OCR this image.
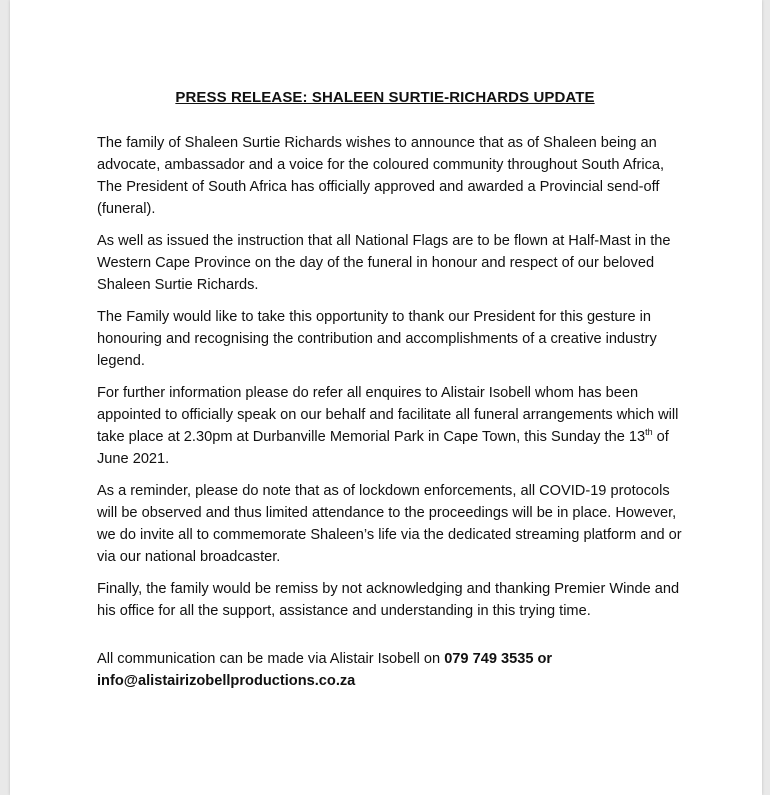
PRESS RELEASE: SHALEEN SURTIE-RICHARDS UPDATE

The family of Shaleen Surtie Richards wishes to announce that as of Shaleen being an advocate, ambassador and a voice for the coloured community throughout South Africa, The President of South Africa has officially approved and awarded a Provincial send-off (funeral).

As well as issued the instruction that all National Flags are to be flown at Half-Mast in the Western Cape Province on the day of the funeral in honour and respect of our beloved Shaleen Surtie Richards.

The Family would like to take this opportunity to thank our President for this gesture in honouring and recognising the contribution and accomplishments of a creative industry legend.

For further information please do refer all enquires to Alistair Isobell whom has been appointed to officially speak on our behalf and facilitate all funeral arrangements which will take place at 2.30pm at Durbanville Memorial Park in Cape Town, this Sunday the 13th of June 2021.

As a reminder, please do note that as of lockdown enforcements, all COVID-19 protocols will be observed and thus limited attendance to the proceedings will be in place. However, we do invite all to commemorate Shaleen’s life via the dedicated streaming platform and or via our national broadcaster.

Finally, the family would be remiss by not acknowledging and thanking Premier Winde and his office for all the support, assistance and understanding in this trying time.

All communication can be made via Alistair Isobell on 079 749 3535 or
info@alistairizobellproductions.co.za
